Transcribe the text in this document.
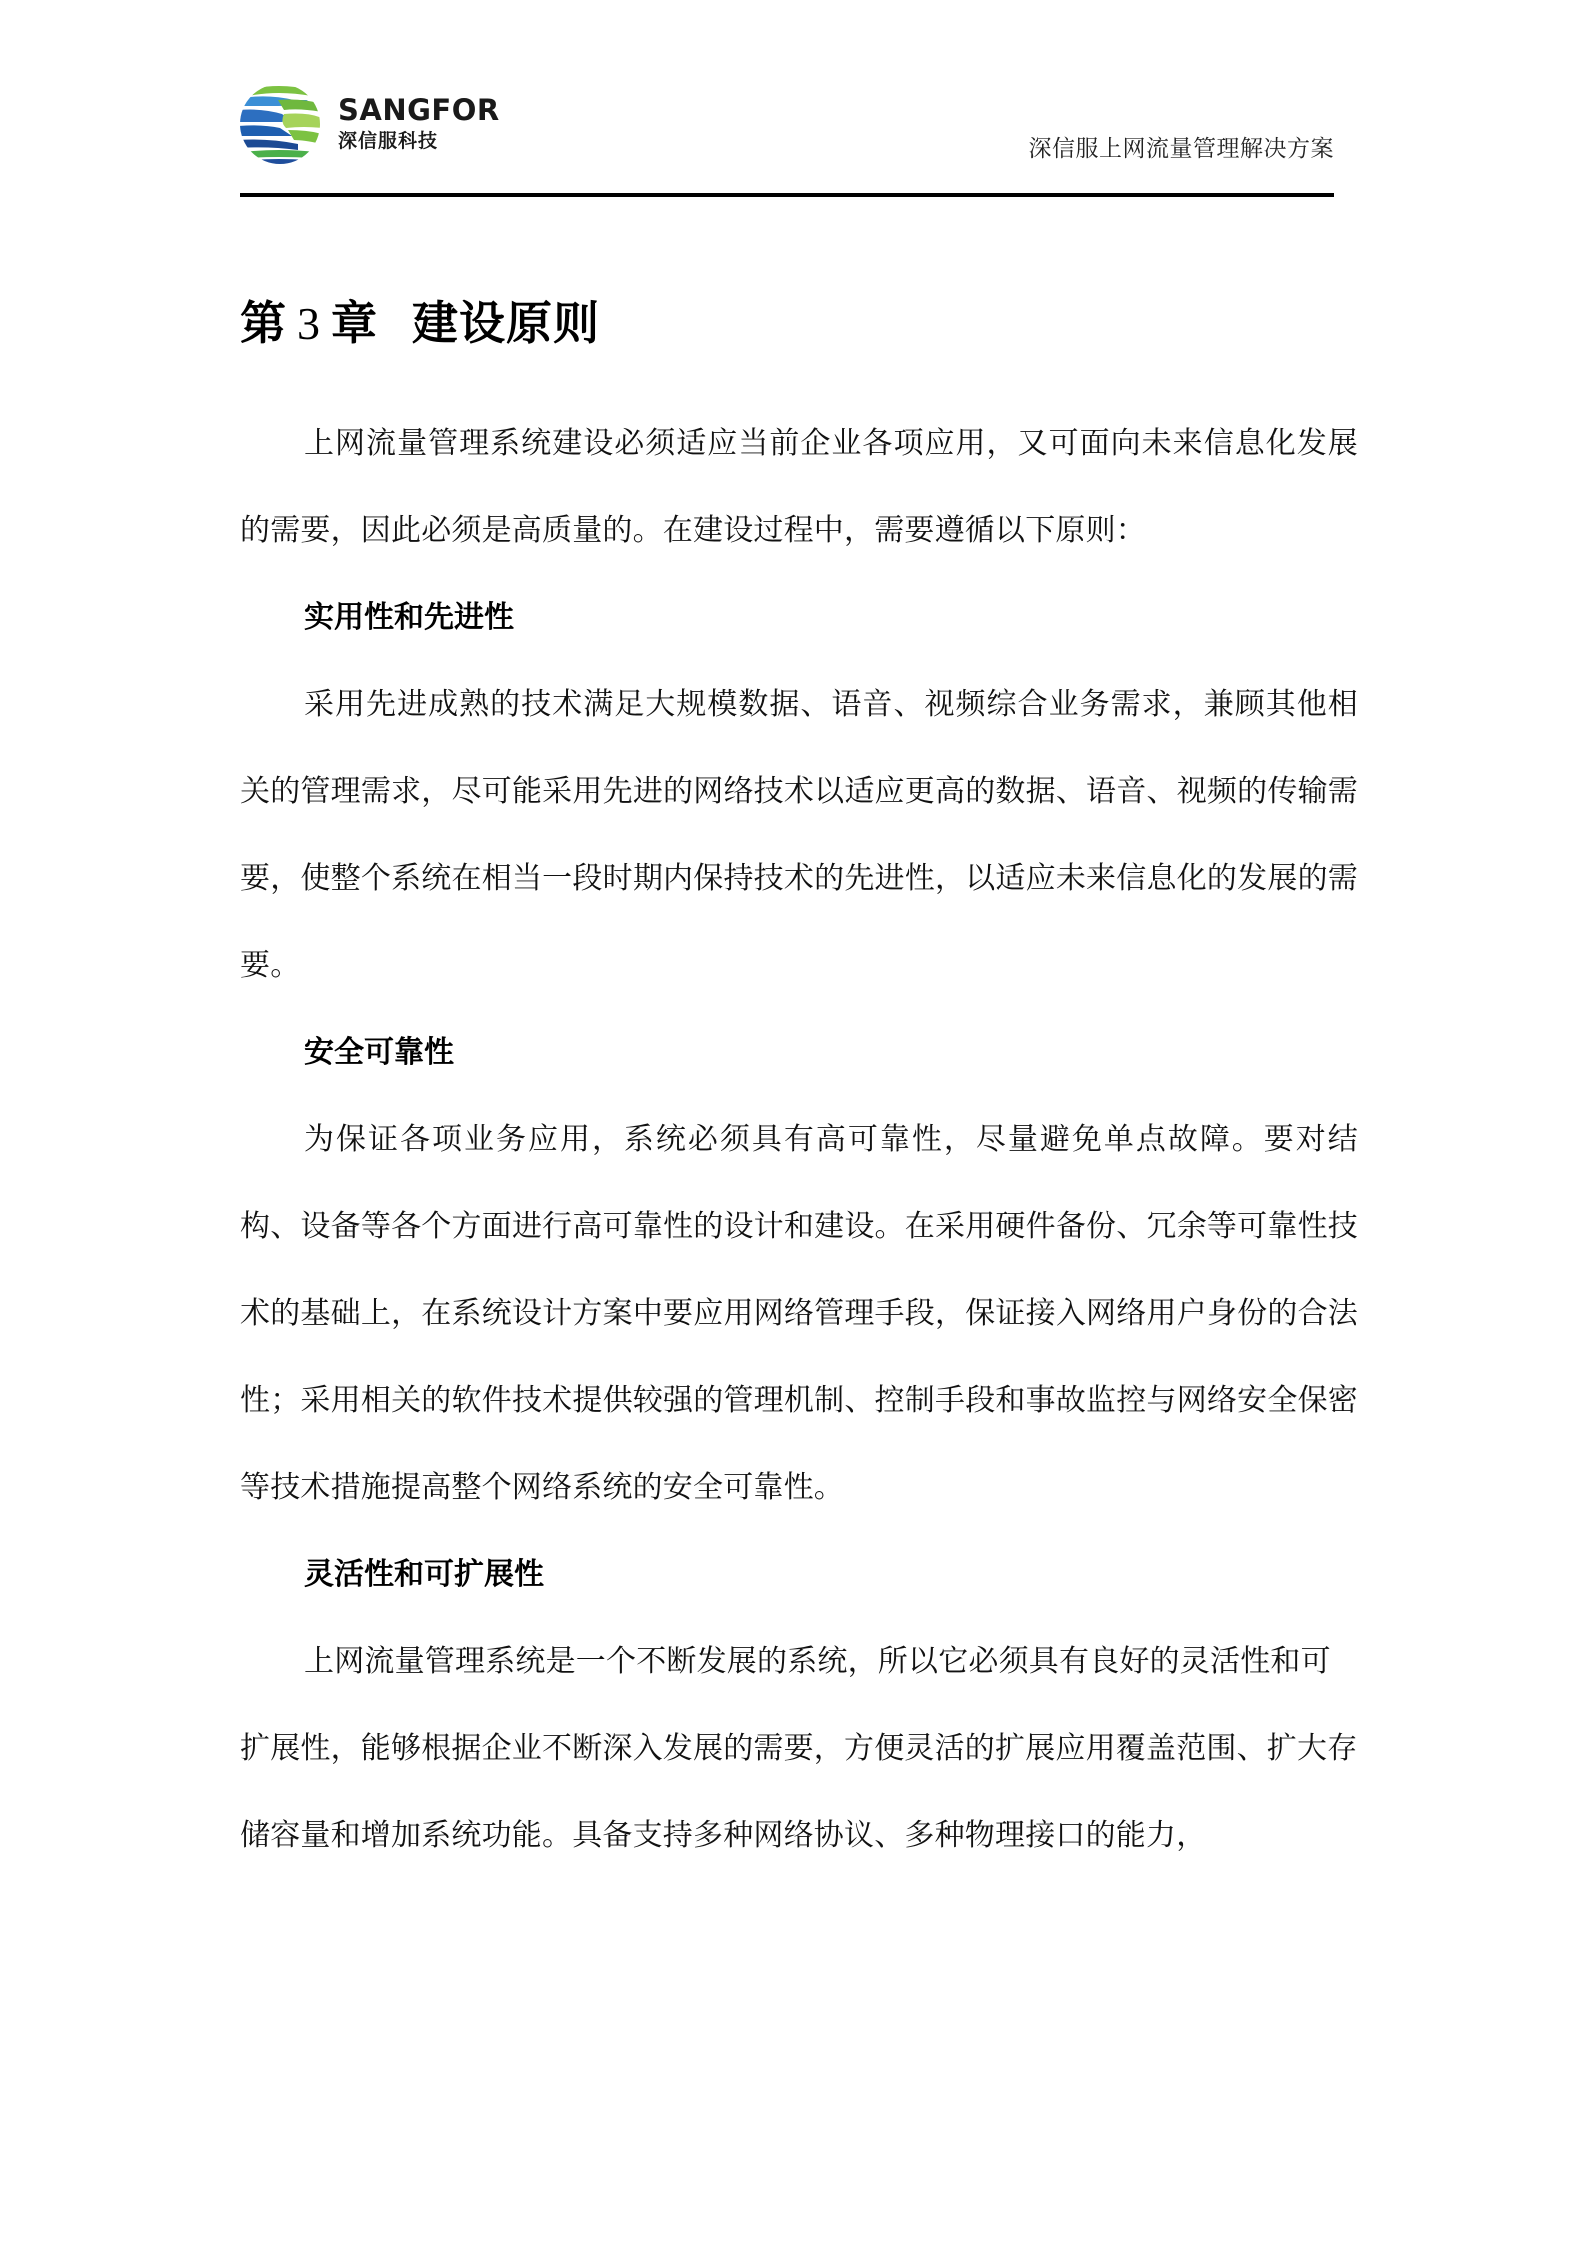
SANGFOR
深信服科技	深信服上网流量管理解决方案
第 3 章 建设原则

上网流量管理系统建设必须适应当前企业各项应用，又可面向未来信息化发展的需要，因此必须是高质量的。在建设过程中，需要遵循以下原则：

实用性和先进性

采用先进成熟的技术满足大规模数据、语音、视频综合业务需求，兼顾其他相关的管理需求，尽可能采用先进的网络技术以适应更高的数据、语音、视频的传输需要，使整个系统在相当一段时期内保持技术的先进性，以适应未来信息化的发展的需要。

安全可靠性

为保证各项业务应用，系统必须具有高可靠性，尽量避免单点故障。要对结构、设备等各个方面进行高可靠性的设计和建设。在采用硬件备份、冗余等可靠性技术的基础上，在系统设计方案中要应用网络管理手段，保证接入网络用户身份的合法性；采用相关的软件技术提供较强的管理机制、控制手段和事故监控与网络安全保密等技术措施提高整个网络系统的安全可靠性。

灵活性和可扩展性

上网流量管理系统是一个不断发展的系统，所以它必须具有良好的灵活性和可扩展性，能够根据企业不断深入发展的需要，方便灵活的扩展应用覆盖范围、扩大存储容量和增加系统功能。具备支持多种网络协议、多种物理接口的能力，
